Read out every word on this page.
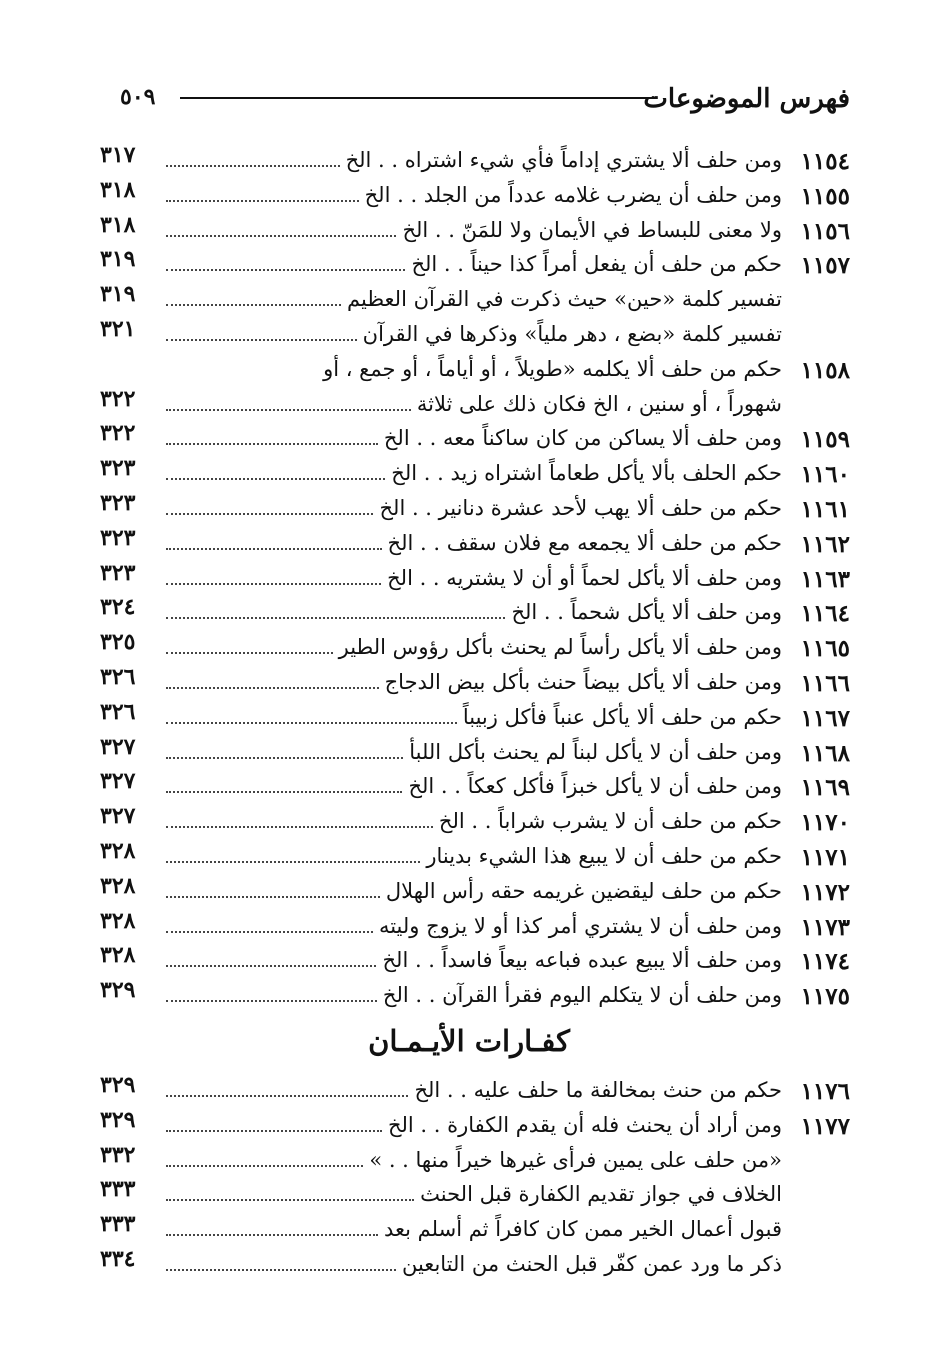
فهرس الموضوعات
٥٠٩
١١٥٤
ومن حلف ألا يشتري إداماً فأي شيء اشتراه . . الخ
٣١٧
١١٥٥
ومن حلف أن يضرب غلامه عدداً من الجلد . . الخ
٣١٨
١١٥٦
ولا معنى للبساط في الأيمان ولا للمَنّ . . الخ
٣١٨
١١٥٧
حكم من حلف أن يفعل أمراً كذا حيناً . . الخ
٣١٩
تفسير كلمة «حين» حيث ذكرت في القرآن العظيم
٣١٩
تفسير كلمة «بضع ، دهر ملياً» وذكرها في القرآن
٣٢١
١١٥٨
حكم من حلف ألا يكلمه «طويلاً ، أو أياماً ، أو جمع ، أو
شهوراً ، أو سنين ، الخ فكان ذلك على ثلاثة
٣٢٢
١١٥٩
ومن حلف ألا يساكن من كان ساكناً معه . . الخ
٣٢٢
١١٦٠
حكم الحلف بألا يأكل طعاماً اشتراه زيد . . الخ
٣٢٣
١١٦١
حكم من حلف ألا يهب لأحد عشرة دنانير . . الخ
٣٢٣
١١٦٢
حكم من حلف ألا يجمعه مع فلان سقف . . الخ
٣٢٣
١١٦٣
ومن حلف ألا يأكل لحماً أو أن لا يشتريه . . الخ
٣٢٣
١١٦٤
ومن حلف ألا يأكل شحماً . . الخ
٣٢٤
١١٦٥
ومن حلف ألا يأكل رأساً لم يحنث بأكل رؤوس الطير
٣٢٥
١١٦٦
ومن حلف ألا يأكل بيضاً حنث بأكل بيض الدجاج
٣٢٦
١١٦٧
حكم من حلف ألا يأكل عنباً فأكل زبيباً
٣٢٦
١١٦٨
ومن حلف أن لا يأكل لبناً لم يحنث بأكل اللبأ
٣٢٧
١١٦٩
ومن حلف أن لا يأكل خبزاً فأكل كعكاً . . الخ
٣٢٧
١١٧٠
حكم من حلف أن لا يشرب شراباً . . الخ
٣٢٧
١١٧١
حكم من حلف أن لا يبيع هذا الشيء بدينار
٣٢٨
١١٧٢
حكم من حلف ليقضين غريمه حقه رأس الهلال
٣٢٨
١١٧٣
ومن حلف أن لا يشتري أمر كذا أو لا يزوج وليته
٣٢٨
١١٧٤
ومن حلف ألا يبيع عبده فباعه بيعاً فاسداً . . الخ
٣٢٨
١١٧٥
ومن حلف أن لا يتكلم اليوم فقرأ القرآن . . الخ
٣٢٩
كفـارات الأيـمـان
١١٧٦
حكم من حنث بمخالفة ما حلف عليه . . الخ
٣٢٩
١١٧٧
ومن أراد أن يحنث فله أن يقدم الكفارة . . الخ
٣٢٩
«من حلف على يمين فرأى غيرها خيراً منها . . »
٣٣٢
الخلاف في جواز تقديم الكفارة قبل الحنث
٣٣٣
قبول أعمال الخير ممن كان كافراً ثم أسلم بعد
٣٣٣
ذكر ما ورد عمن كفّر قبل الحنث من التابعين
٣٣٤
